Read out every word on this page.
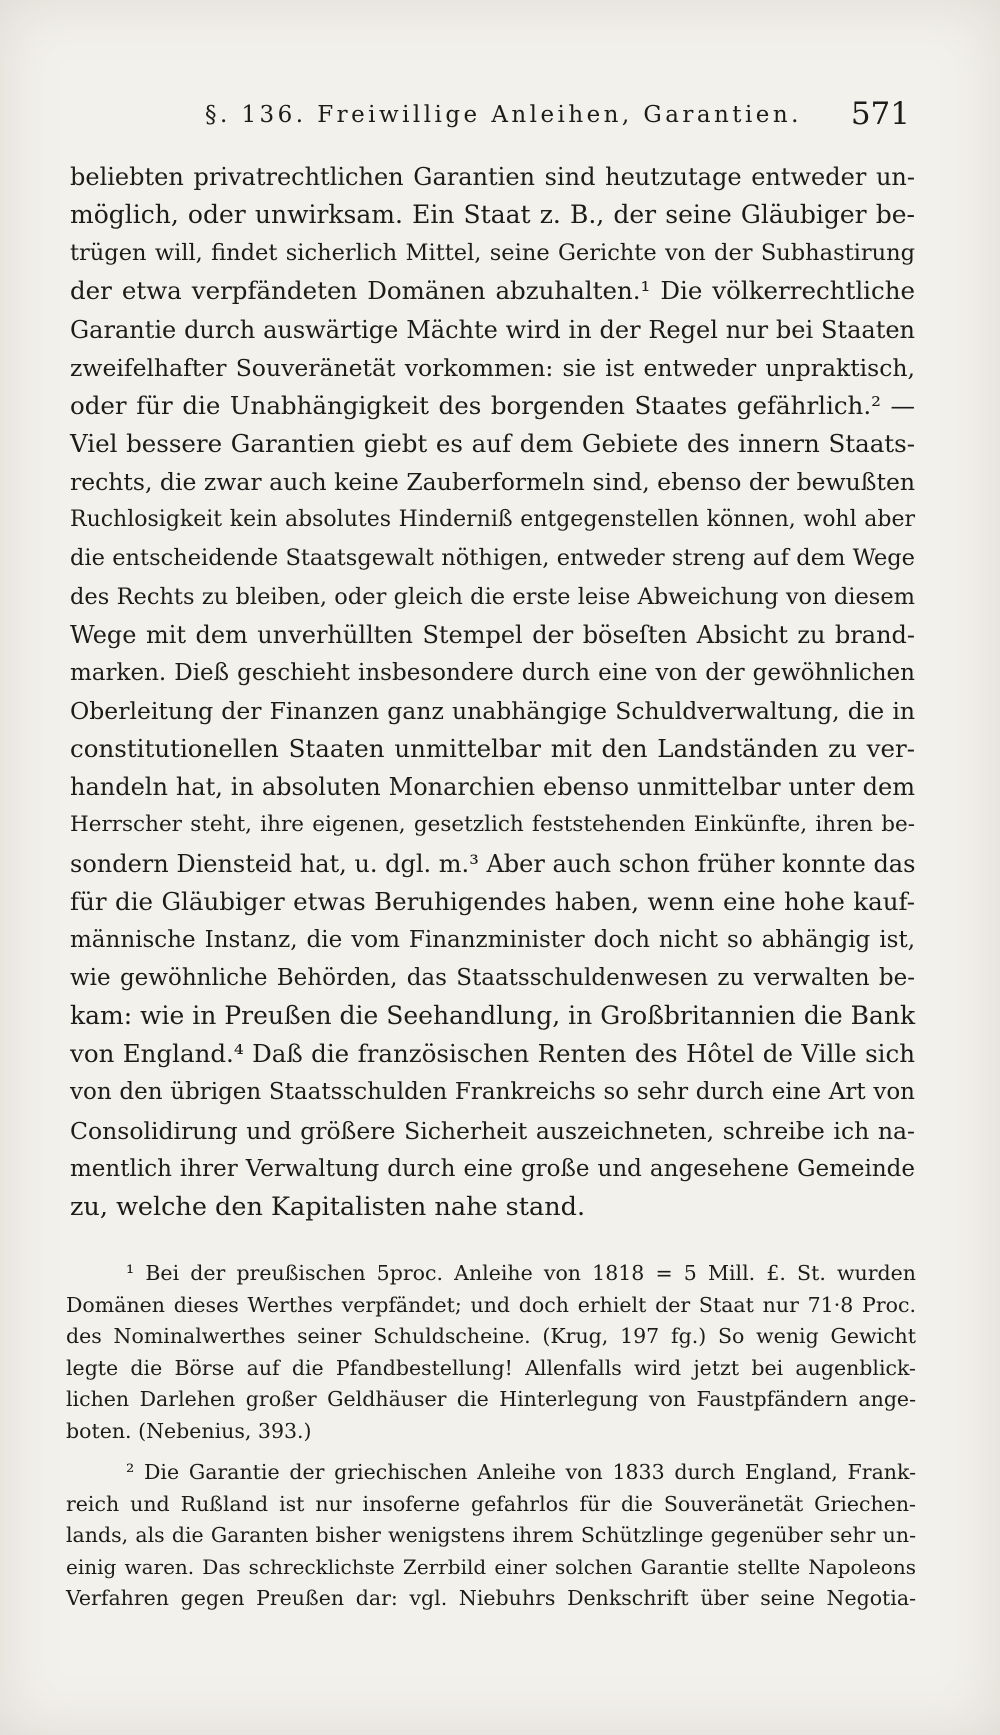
§. 136. Freiwillige Anleihen, Garantien. 571
beliebten privatrechtlichen Garantien sind heutzutage entweder un-
möglich, oder unwirksam. Ein Staat z. B., der seine Gläubiger be-
trügen will, findet sicherlich Mittel, seine Gerichte von der Subhastirung
der etwa verpfändeten Domänen abzuhalten.¹ Die völkerrechtliche
Garantie durch auswärtige Mächte wird in der Regel nur bei Staaten
zweifelhafter Souveränetät vorkommen: sie ist entweder unpraktisch,
oder für die Unabhängigkeit des borgenden Staates gefährlich.² —
Viel bessere Garantien giebt es auf dem Gebiete des innern Staats-
rechts, die zwar auch keine Zauberformeln sind, ebenso der bewußten
Ruchlosigkeit kein absolutes Hinderniß entgegenstellen können, wohl aber
die entscheidende Staatsgewalt nöthigen, entweder streng auf dem Wege
des Rechts zu bleiben, oder gleich die erste leise Abweichung von diesem
Wege mit dem unverhüllten Stempel der böseſten Absicht zu brand-
marken. Dieß geschieht insbesondere durch eine von der gewöhnlichen
Oberleitung der Finanzen ganz unabhängige Schuldverwaltung, die in
constitutionellen Staaten unmittelbar mit den Landständen zu ver-
handeln hat, in absoluten Monarchien ebenso unmittelbar unter dem
Herrscher steht, ihre eigenen, gesetzlich feststehenden Einkünfte, ihren be-
sondern Diensteid hat, u. dgl. m.³ Aber auch schon früher konnte das
für die Gläubiger etwas Beruhigendes haben, wenn eine hohe kauf-
männische Instanz, die vom Finanzminister doch nicht so abhängig ist,
wie gewöhnliche Behörden, das Staatsschuldenwesen zu verwalten be-
kam: wie in Preußen die Seehandlung, in Großbritannien die Bank
von England.⁴ Daß die französischen Renten des Hôtel de Ville sich
von den übrigen Staatsschulden Frankreichs so sehr durch eine Art von
Consolidirung und größere Sicherheit auszeichneten, schreibe ich na-
mentlich ihrer Verwaltung durch eine große und angesehene Gemeinde
zu, welche den Kapitalisten nahe stand.
¹ Bei der preußischen 5proc. Anleihe von 1818 = 5 Mill. £. St. wurden
Domänen dieses Werthes verpfändet; und doch erhielt der Staat nur 71·8 Proc.
des Nominalwerthes seiner Schuldscheine. (Krug, 197 fg.) So wenig Gewicht
legte die Börse auf die Pfandbestellung! Allenfalls wird jetzt bei augenblick-
lichen Darlehen großer Geldhäuser die Hinterlegung von Faustpfändern ange-
boten. (Nebenius, 393.)
² Die Garantie der griechischen Anleihe von 1833 durch England, Frank-
reich und Rußland ist nur insoferne gefahrlos für die Souveränetät Griechen-
lands, als die Garanten bisher wenigstens ihrem Schützlinge gegenüber sehr un-
einig waren. Das schrecklichste Zerrbild einer solchen Garantie stellte Napoleons
Verfahren gegen Preußen dar: vgl. Niebuhrs Denkschrift über seine Negotia-
